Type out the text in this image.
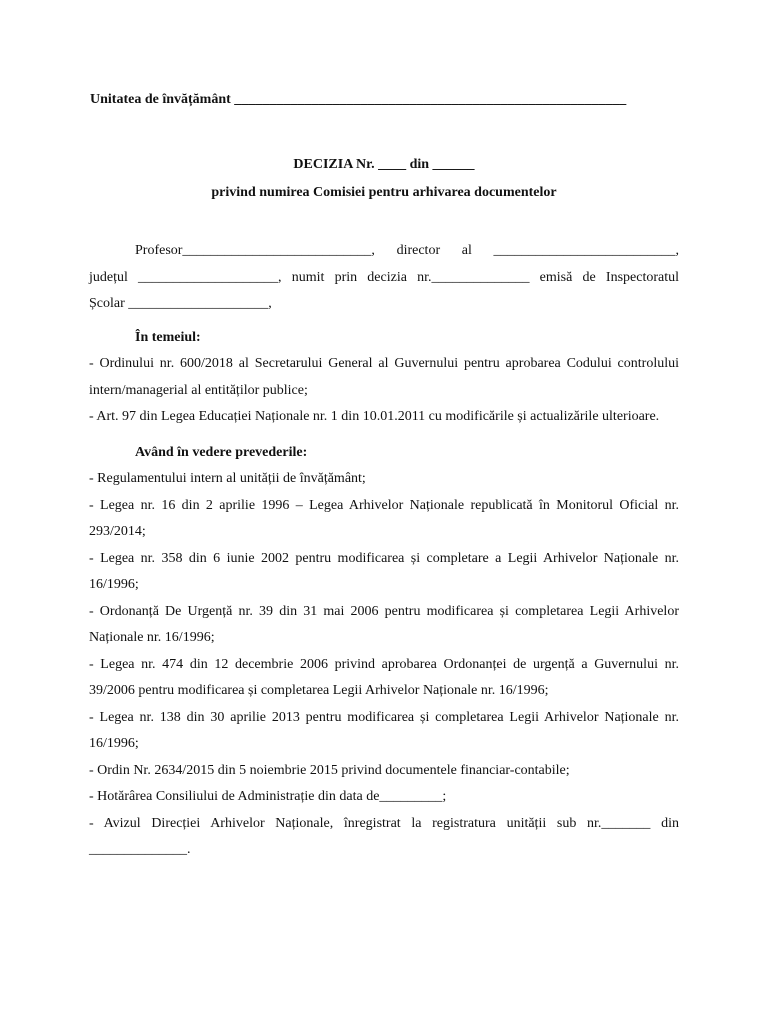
Unitatea de învățământ ________________________________________________________
DECIZIA Nr. ____ din ______
privind numirea Comisiei pentru arhivarea documentelor
Profesor___________________________, director al __________________________,
județul ____________________, numit prin decizia nr.______________ emisă de Inspectoratul
Școlar ____________________,

În temeiul:

- Ordinului nr. 600/2018 al Secretarului General al Guvernului pentru aprobarea Codului controlului intern/managerial al entităților publice;

- Art. 97 din Legea Educației Naționale nr. 1 din 10.01.2011 cu modificările și actualizările ulterioare.

Având în vedere prevederile:

- Regulamentului intern al unității de învățământ;

- Legea nr. 16 din 2 aprilie 1996 – Legea Arhivelor Naționale republicată în Monitorul Oficial nr. 293/2014;

- Legea nr. 358 din 6 iunie 2002 pentru modificarea și completare a Legii Arhivelor Naționale nr. 16/1996;

- Ordonanță De Urgență nr. 39 din 31 mai 2006 pentru modificarea și completarea Legii Arhivelor Naționale nr. 16/1996;

- Legea nr. 474 din 12 decembrie 2006 privind aprobarea Ordonanței de urgență a Guvernului nr. 39/2006 pentru modificarea și completarea Legii Arhivelor Naționale nr. 16/1996;

- Legea nr. 138 din 30 aprilie 2013 pentru modificarea și completarea Legii Arhivelor Naționale nr. 16/1996;

- Ordin Nr. 2634/2015 din 5 noiembrie 2015 privind documentele financiar-contabile;

- Hotărârea Consiliului de Administrație din data de_________;

- Avizul Direcției Arhivelor Naționale, înregistrat la registratura unității sub nr._______ din ______________.
